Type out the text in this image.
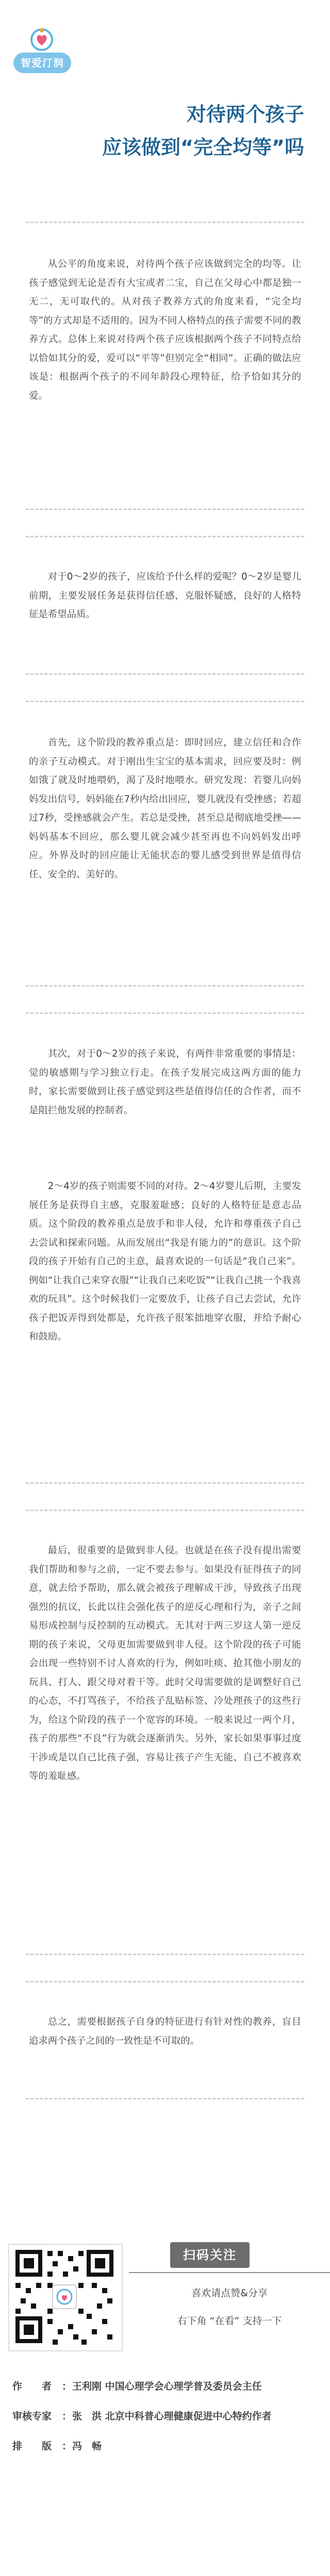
智爱汀润
对待两个孩子
应该做到“完全均等”吗

从公平的角度来说，对待两个孩子应该做到完全的均等。让孩子感觉到无论是否有大宝或者二宝，自己在父母心中都是独一无二，无可取代的。从对孩子教养方式的角度来看，“完全均等”的方式却是不适用的。因为不同人格特点的孩子需要不同的教养方式。总体上来说对待两个孩子应该根据两个孩子不同特点给以恰如其分的爱，爱可以“平等”但别完全“相同”。正确的做法应该是：根据两个孩子的不同年龄段心理特征，给予恰如其分的爱。

对于0～2岁的孩子，应该给予什么样的爱呢？0～2岁是婴儿前期，主要发展任务是获得信任感，克服怀疑感，良好的人格特征是希望品质。

首先，这个阶段的教养重点是：即时回应，建立信任和合作的亲子互动模式。对于刚出生宝宝的基本需求，回应要及时：例如饿了就及时地喂奶，渴了及时地喂水。研究发现：若婴儿向妈妈发出信号，妈妈能在7秒内给出回应，婴儿就没有受挫感；若超过7秒，受挫感就会产生。若总是受挫，甚至总是彻底地受挫——妈妈基本不回应，那么婴儿就会减少甚至再也不向妈妈发出呼应。外界及时的回应能让无能状态的婴儿感受到世界是值得信任、安全的、美好的。

其次，对于0～2岁的孩子来说，有两件非常重要的事情是：觉的敏感期与学习独立行走。在孩子发展完成这两方面的能力时，家长需要做到让孩子感觉到这些是值得信任的合作者，而不是阻拦他发展的控制者。

2～4岁的孩子则需要不同的对待。2～4岁婴儿后期，主要发展任务是获得自主感，克服羞耻感；良好的人格特征是意志品质。这个阶段的教养重点是放手和非人侵，允许和尊重孩子自己去尝试和探索问题。从而发展出“我是有能力的”的意识。这个阶段的孩子开始有自己的主意，最喜欢说的一句话是“我自己来”。例如“让我自己来穿衣服”“让我自己来吃饭”“让我自己挑一个我喜欢的玩具”。这个时候我们一定要放手，让孩子自己去尝试，允许孩子把饭弄得到处都是，允许孩子很笨拙地穿衣服，并给予耐心和鼓励。

最后，很重要的是做到非人侵。也就是在孩子没有提出需要我们帮助和参与之前，一定不要去参与。如果没有征得孩子的同意，就去给予帮助，那么就会被孩子理解成干涉，导致孩子出现强烈的抗议，长此以往会强化孩子的逆反心理和行为，亲子之间易形成控制与反控制的互动模式。无其对于两三岁这人第一逆反期的孩子来说，父母更加需要做到非人侵。这个阶段的孩子可能会出现一些特别不讨人喜欢的行为，例如吐痰、抢其他小朋友的玩具、打人、跟父母对着干等。此时父母需要做的是调整好自己的心态，不打骂孩子，不给孩子乱贴标签、冷处理孩子的这些行为，给这个阶段的孩子一个宽容的环境。一般来说过一两个月，孩子的那些“不良”行为就会逐渐消失。另外，家长如果事事过度干涉或是以自己比孩子强，容易让孩子产生无能、自己不被喜欢等的羞耻感。

总之，需要根据孩子自身的特征进行有针对性的教养，盲目追求两个孩子之间的一致性是不可取的。

扫码关注
喜欢请点赞&分享
右下角 “在看” 支持一下
作　　者	： 王利刚 中国心理学会心理学普及委员会主任
审核专家	： 张　洪 北京中科普心理健康促进中心特约作者
排　　版	： 冯　畅
